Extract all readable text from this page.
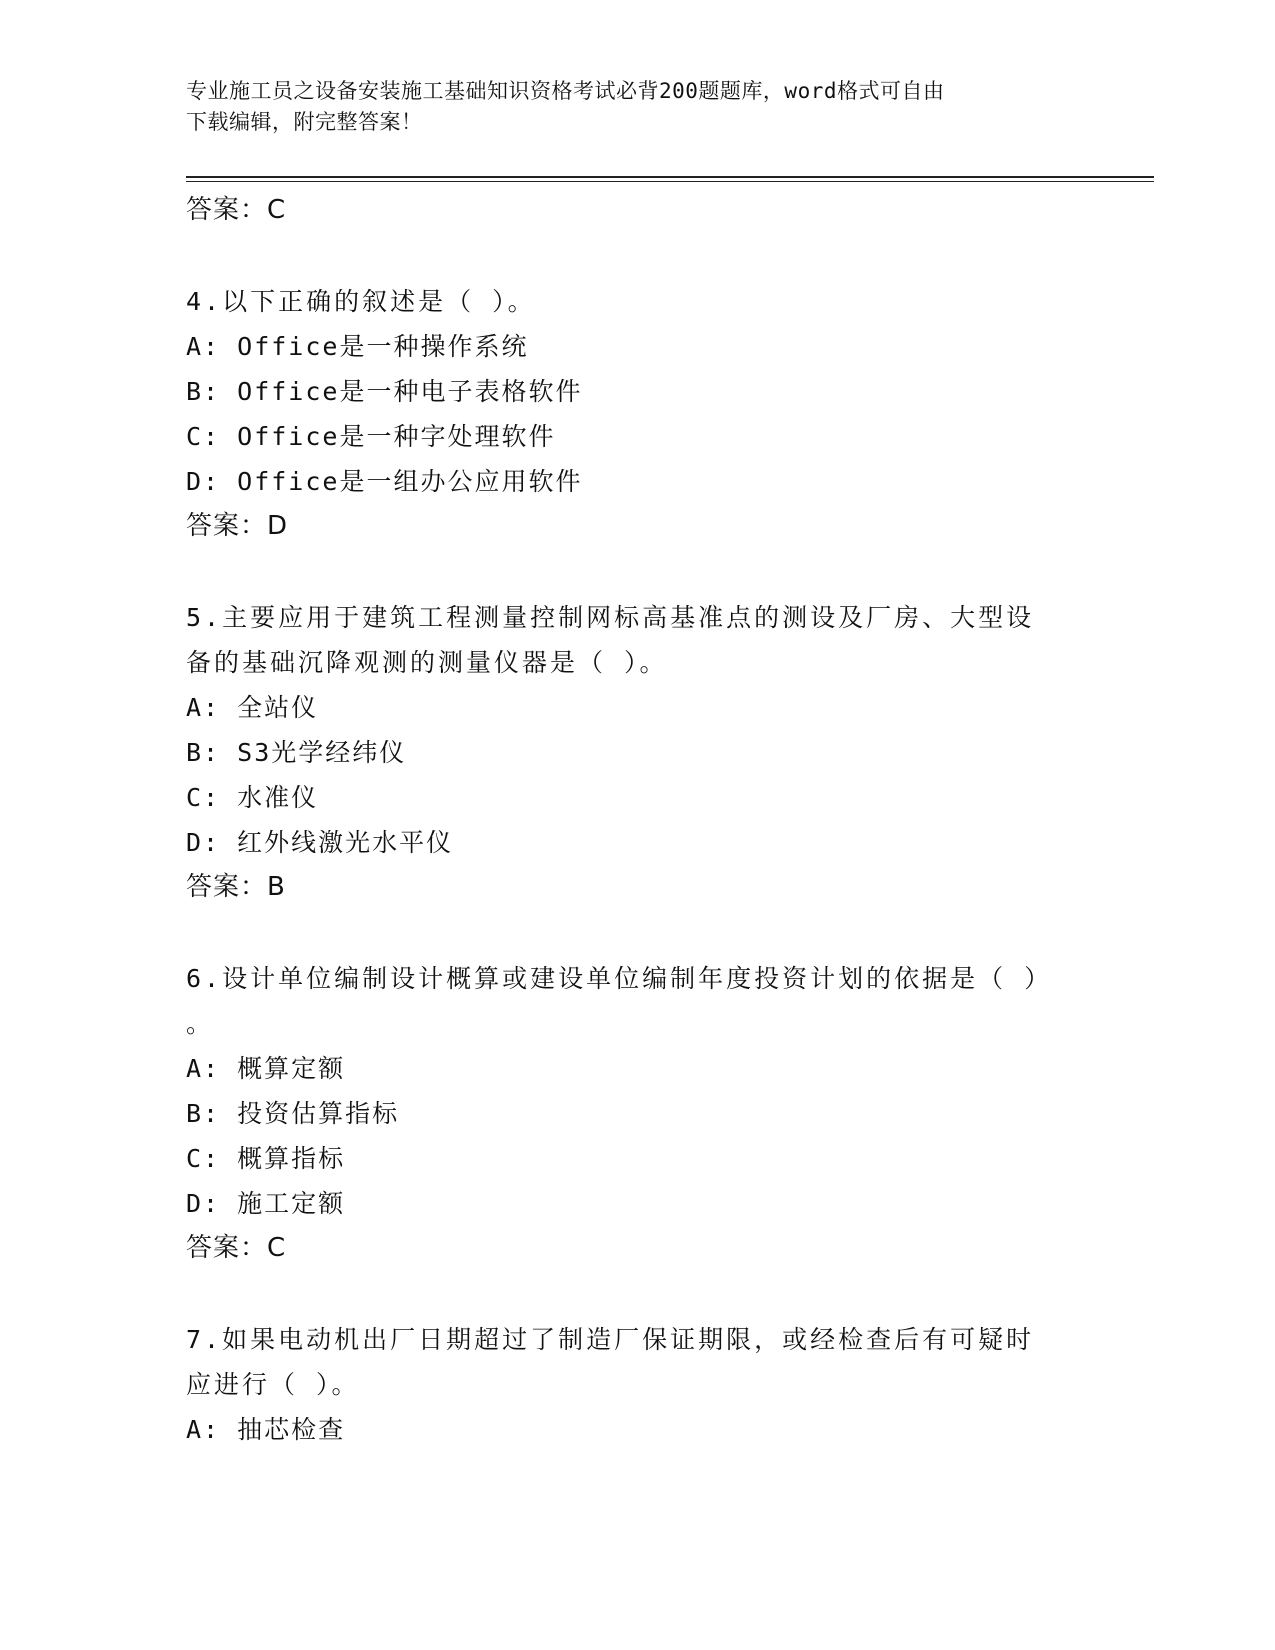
专业施工员之设备安装施工基础知识资格考试必背200题题库，word格式可自由
下载编辑，附完整答案！
答案：C
4.以下正确的叙述是（ ）。
A: Office是一种操作系统
B: Office是一种电子表格软件
C: Office是一种字处理软件
D: Office是一组办公应用软件
答案：D
5.主要应用于建筑工程测量控制网标高基准点的测设及厂房、大型设
备的基础沉降观测的测量仪器是（ ）。
A: 全站仪
B: S3光学经纬仪
C: 水准仪
D: 红外线激光水平仪
答案：B
6.设计单位编制设计概算或建设单位编制年度投资计划的依据是（ ）
。
A: 概算定额
B: 投资估算指标
C: 概算指标
D: 施工定额
答案：C
7.如果电动机出厂日期超过了制造厂保证期限，或经检查后有可疑时
应进行（ ）。
A: 抽芯检查
